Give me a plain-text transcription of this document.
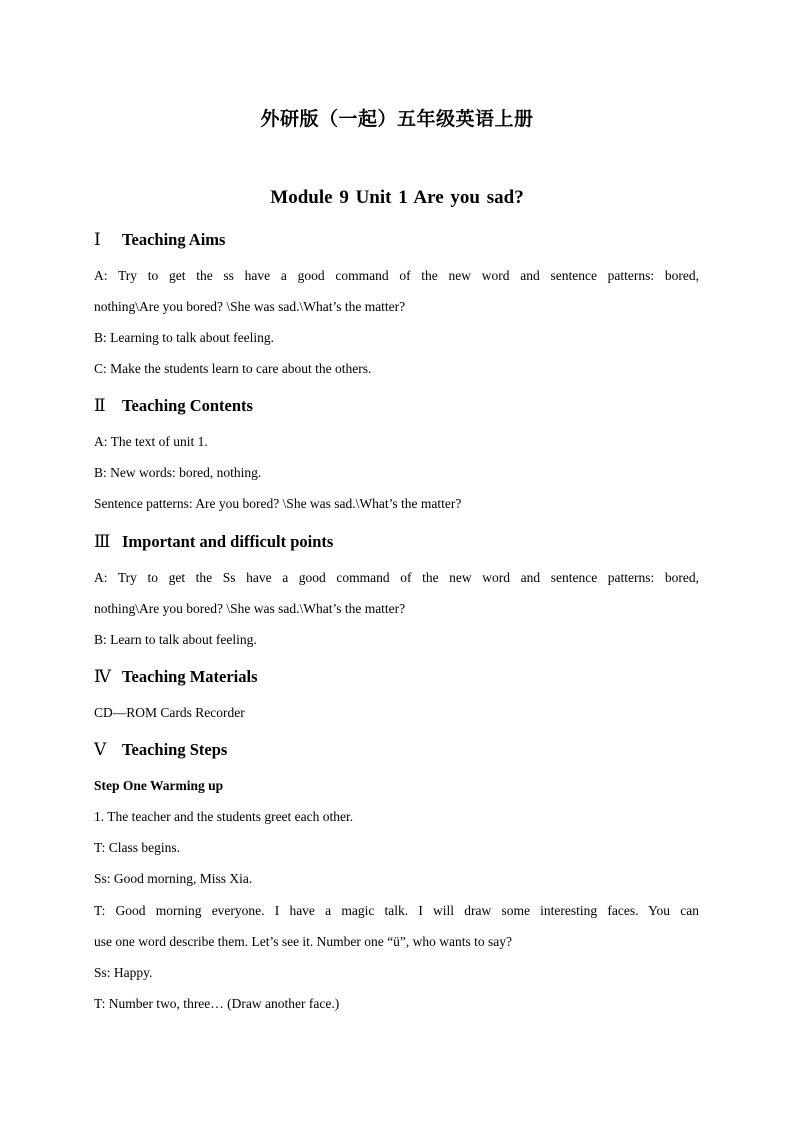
外研版（一起）五年级英语上册
Module 9 Unit 1 Are you sad?
Ⅰ Teaching Aims
A: Try to get the ss have a good command of the new word and sentence patterns: bored,
nothing\Are you bored? \She was sad.\What’s the matter?
B: Learning to talk about feeling.
C: Make the students learn to care about the others.
Ⅱ Teaching Contents
A: The text of unit 1.
B: New words: bored, nothing.
Sentence patterns: Are you bored? \She was sad.\What’s the matter?
Ⅲ Important and difficult points
A: Try to get the Ss have a good command of the new word and sentence patterns: bored,
nothing\Are you bored? \She was sad.\What’s the matter?
B: Learn to talk about feeling.
Ⅳ Teaching Materials
CD—ROM Cards Recorder
Ⅴ Teaching Steps
Step One Warming up
1. The teacher and the students greet each other.
T: Class begins.
Ss: Good morning, Miss Xia.
T: Good morning everyone. I have a magic talk. I will draw some interesting faces. You can
use one word describe them. Let’s see it. Number one “ü”, who wants to say?
Ss: Happy.
T: Number two, three… (Draw another face.)
